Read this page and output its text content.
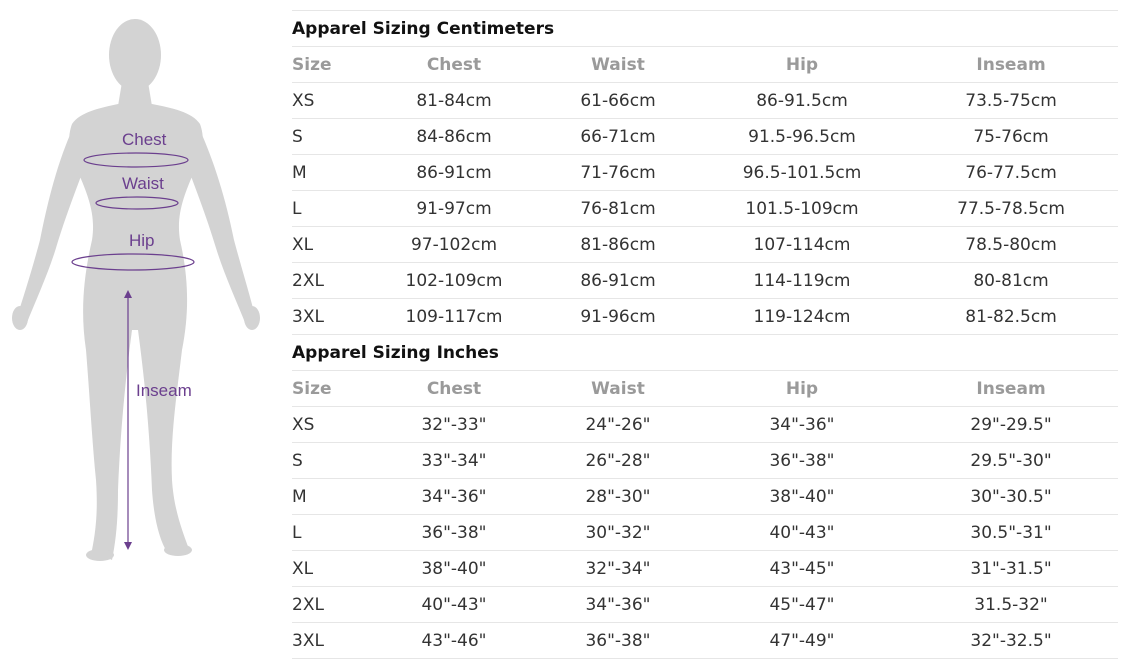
Chest
Waist
Hip
Inseam
Apparel Sizing Centimeters				
Size	Chest	Waist	Hip	Inseam
XS	81-84cm	61-66cm	86-91.5cm	73.5-75cm
S	84-86cm	66-71cm	91.5-96.5cm	75-76cm
M	86-91cm	71-76cm	96.5-101.5cm	76-77.5cm
L	91-97cm	76-81cm	101.5-109cm	77.5-78.5cm
XL	97-102cm	81-86cm	107-114cm	78.5-80cm
2XL	102-109cm	86-91cm	114-119cm	80-81cm
3XL	109-117cm	91-96cm	119-124cm	81-82.5cm
Apparel Sizing Inches				
Size	Chest	Waist	Hip	Inseam
XS	32"-33"	24"-26"	34"-36"	29"-29.5"
S	33"-34"	26"-28"	36"-38"	29.5"-30"
M	34"-36"	28"-30"	38"-40"	30"-30.5"
L	36"-38"	30"-32"	40"-43"	30.5"-31"
XL	38"-40"	32"-34"	43"-45"	31"-31.5"
2XL	40"-43"	34"-36"	45"-47"	31.5-32"
3XL	43"-46"	36"-38"	47"-49"	32"-32.5"
